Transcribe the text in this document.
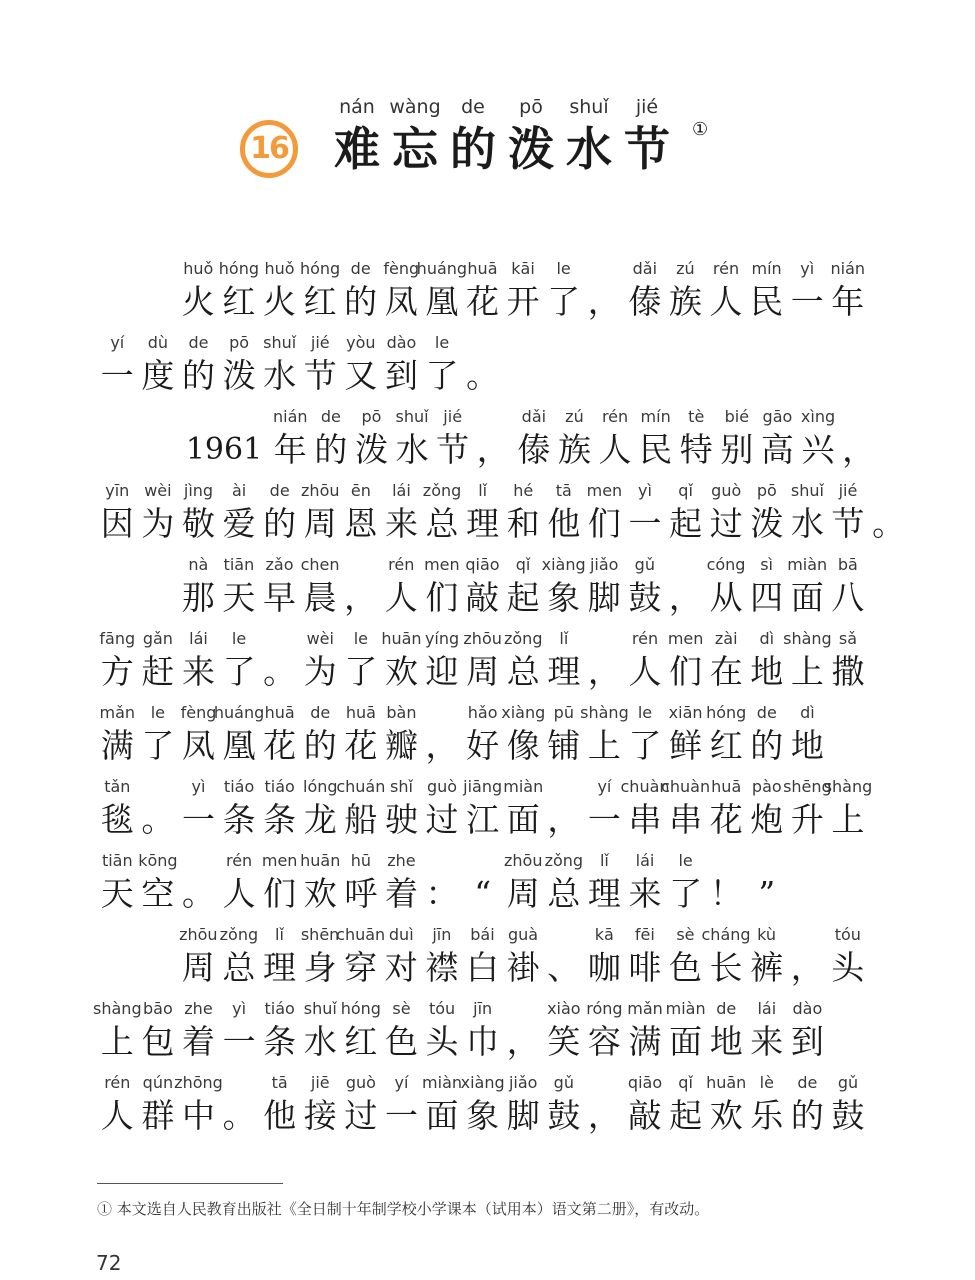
16
nán
难
wàng
忘
de
的
pō
泼
shuǐ
水
jié
节 ①
huǒ
火
hóng
红
huǒ
火
hóng
红
de
的
fèng
凤
huáng
凰
huā
花
kāi
开
le
了 ，
dǎi
傣
zú
族
rén
人
mín
民
yì
一
nián
年
yí
一
dù
度
de
的
pō
泼
shuǐ
水
jié
节
yòu
又
dào
到
le
了 。
1961
nián
年
de
的
pō
泼
shuǐ
水
jié
节 ，
dǎi
傣
zú
族
rén
人
mín
民
tè
特
bié
别
gāo
高
xìng
兴 ，
yīn
因
wèi
为
jìng
敬
ài
爱
de
的
zhōu
周
ēn
恩
lái
来
zǒng
总
lǐ
理
hé
和
tā
他
men
们
yì
一
qǐ
起
guò
过
pō
泼
shuǐ
水
jié
节 。
nà
那
tiān
天
zǎo
早
chen
晨 ，
rén
人
men
们
qiāo
敲
qǐ
起
xiàng
象
jiǎo
脚
gǔ
鼓 ，
cóng
从
sì
四
miàn
面
bā
八
fāng
方
gǎn
赶
lái
来
le
了 。
wèi
为
le
了
huān
欢
yíng
迎
zhōu
周
zǒng
总
lǐ
理 ，
rén
人
men
们
zài
在
dì
地
shàng
上
sǎ
撒
mǎn
满
le
了
fèng
凤
huáng
凰
huā
花
de
的
huā
花
bàn
瓣 ，
hǎo
好
xiàng
像
pū
铺
shàng
上
le
了
xiān
鲜
hóng
红
de
的
dì
地
tǎn
毯 。
yì
一
tiáo
条
tiáo
条
lóng
龙
chuán
船
shǐ
驶
guò
过
jiāng
江
miàn
面 ，
yí
一
chuàn
串
chuàn
串
huā
花
pào
炮
shēng
升
shàng
上
tiān
天
kōng
空 。
rén
人
men
们
huān
欢
hū
呼
zhe
着 ： “
zhōu
周
zǒng
总
lǐ
理
lái
来
le
了 ！ ”
zhōu
周
zǒng
总
lǐ
理
shēn
身
chuān
穿
duì
对
jīn
襟
bái
白
guà
褂 、
kā
咖
fēi
啡
sè
色
cháng
长
kù
裤 ，
tóu
头
shàng
上
bāo
包
zhe
着
yì
一
tiáo
条
shuǐ
水
hóng
红
sè
色
tóu
头
jīn
巾 ，
xiào
笑
róng
容
mǎn
满
miàn
面
de
地
lái
来
dào
到
rén
人
qún
群
zhōng
中 。
tā
他
jiē
接
guò
过
yí
一
miàn
面
xiàng
象
jiǎo
脚
gǔ
鼓 ，
qiāo
敲
qǐ
起
huān
欢
lè
乐
de
的
gǔ
鼓
① 本文选自人民教育出版社《全日制十年制学校小学课本（试用本）语文第二册》，有改动。
72
